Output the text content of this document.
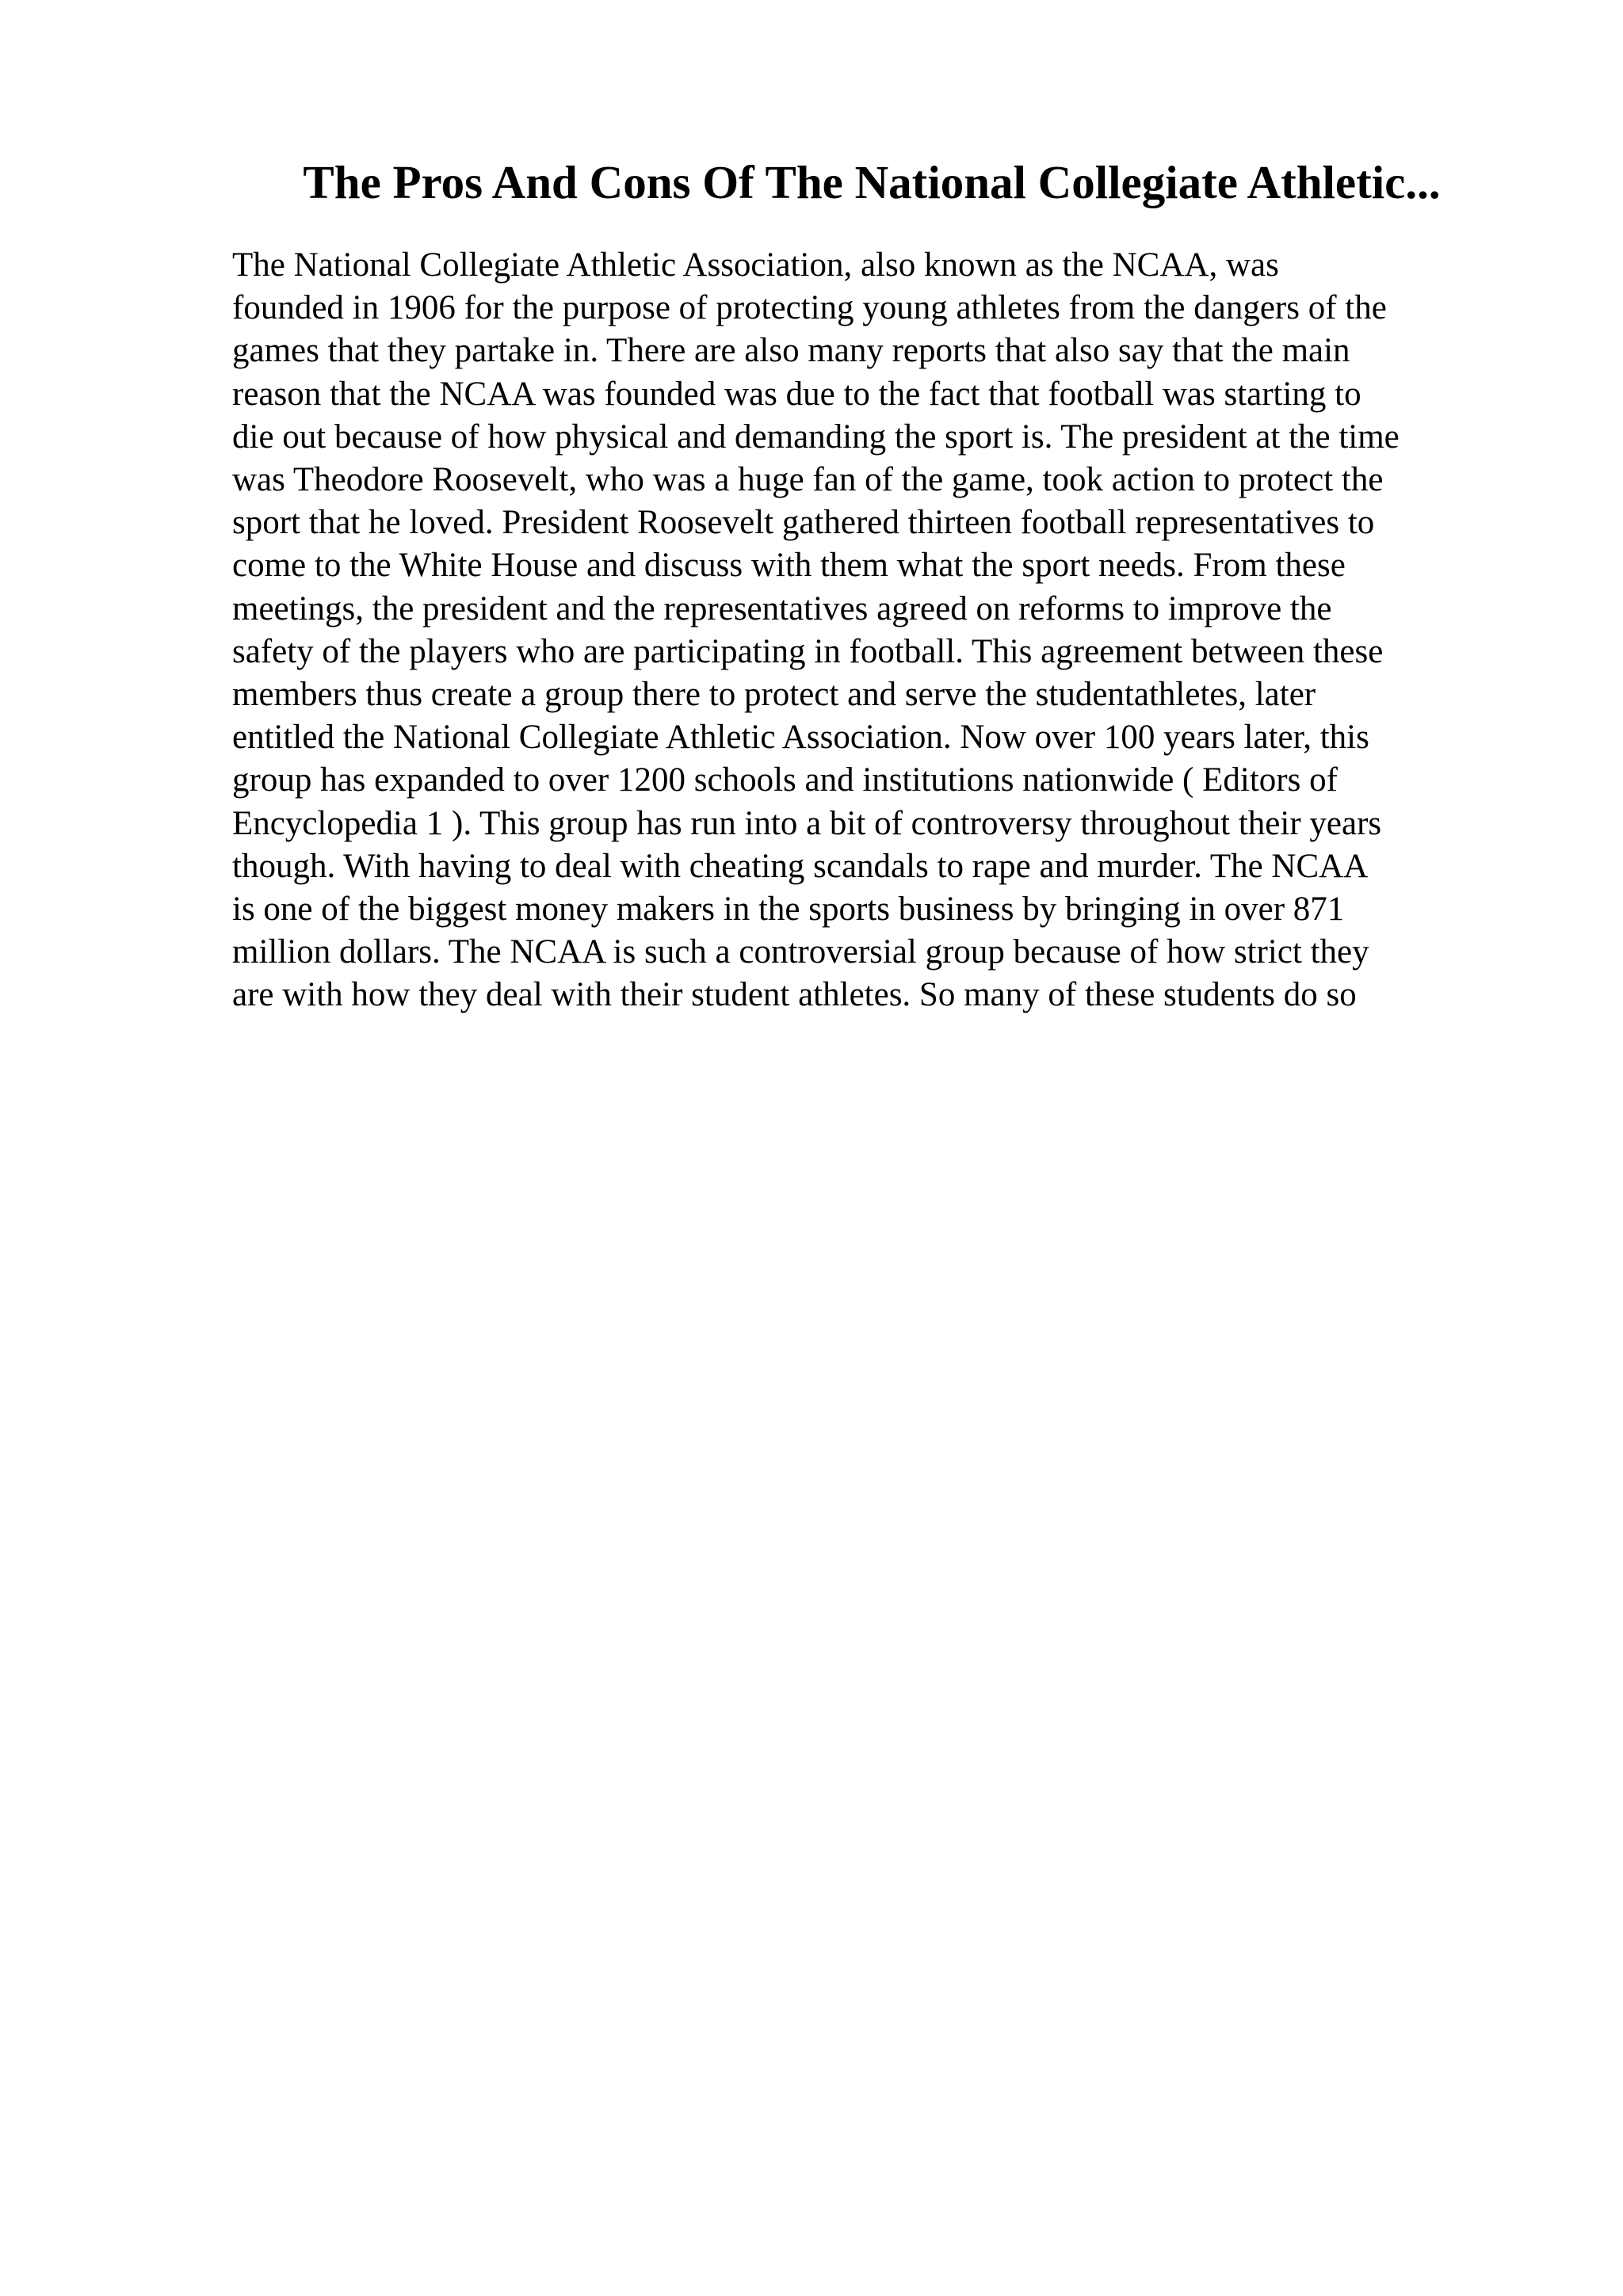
The Pros And Cons Of The National Collegiate Athletic...
The National Collegiate Athletic Association, also known as the NCAA, was
founded in 1906 for the purpose of protecting young athletes from the dangers of the
games that they partake in. There are also many reports that also say that the main
reason that the NCAA was founded was due to the fact that football was starting to
die out because of how physical and demanding the sport is. The president at the time
was Theodore Roosevelt, who was a huge fan of the game, took action to protect the
sport that he loved. President Roosevelt gathered thirteen football representatives to
come to the White House and discuss with them what the sport needs. From these
meetings, the president and the representatives agreed on reforms to improve the
safety of the players who are participating in football. This agreement between these
members thus create a group there to protect and serve the studentathletes, later
entitled the National Collegiate Athletic Association. Now over 100 years later, this
group has expanded to over 1200 schools and institutions nationwide ( Editors of
Encyclopedia 1 ). This group has run into a bit of controversy throughout their years
though. With having to deal with cheating scandals to rape and murder. The NCAA
is one of the biggest money makers in the sports business by bringing in over 871
million dollars. The NCAA is such a controversial group because of how strict they
are with how they deal with their student athletes. So many of these students do so
